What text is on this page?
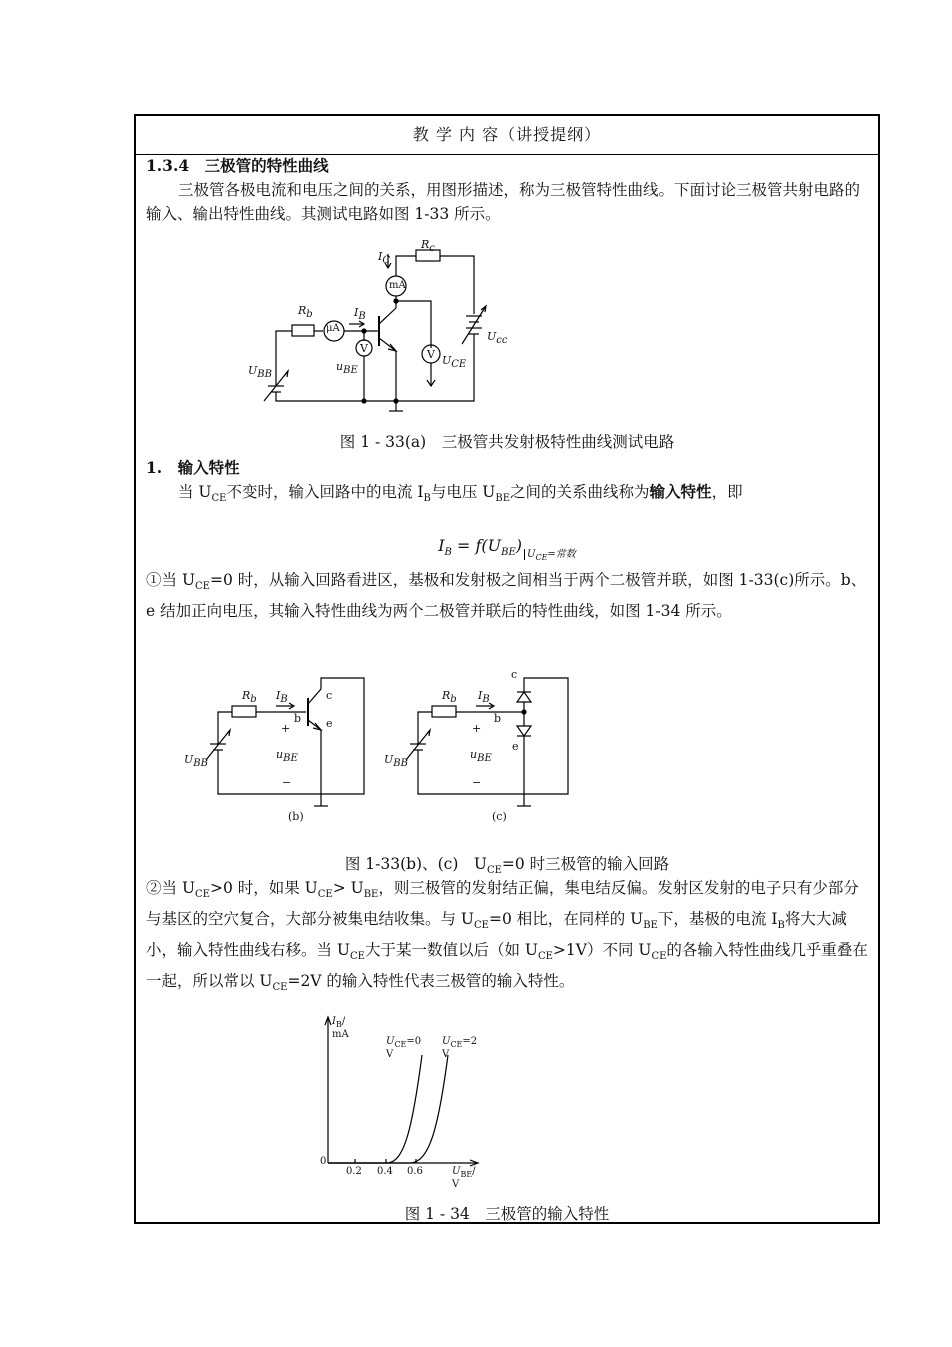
教 学 内 容（讲授提纲）
1.3.4　三极管的特性曲线
三极管各极电流和电压之间的关系，用图形描述，称为三极管特性曲线。下面讨论三极管共射电路的输入、输出特性曲线。其测试电路如图 1-33 所示。
$R_c$
$I_C$
mA
$R_b$	$I_B$
μA
$U_{cc}$
$U_{BB}$
$u_{BE}$
$U_{CE}$
V	V
图 1 - 33(a)　三极管共发射极特性曲线测试电路
1.　输入特性
当 $U_{CE}$不变时，输入回路中的电流 $I_B$与电压 $U_{BE}$之间的关系曲线称为输入特性，即
$I_B = f(U_{BE})$ $_{U_{CE}=常数}$
①当 $U_{CE}=0$ 时，从输入回路看进区，基极和发射极之间相当于两个二极管并联，如图 1-33(c)所示。b、e 结加正向电压，其输入特性曲线为两个二极管并联后的特性曲线，如图 1-34 所示。
$R_b$ $I_B$	c
b e
+
$u_{BE}$
−
$U_{BB}$
(b)
$R_b$ $I_B$
c
b
e
+
$u_{BE}$
−
$U_{BB}$
(c)
图 1-33(b)、(c)　$U_{CE}=0$ 时三极管的输入回路
②当 $U_{CE}>0$ 时，如果 $U_{CE}> U_{BE}$，则三极管的发射结正偏，集电结反偏。发射区发射的电子只有少部分与基区的空穴复合，大部分被集电结收集。与 $U_{CE}=0$ 相比，在同样的 $U_{BE}$下，基极的电流 $I_B$将大大减小，输入特性曲线右移。当 $U_{CE}$大于某一数值以后（如 $U_{CE}>1V$）不同 $U_{CE}$的各输入特性曲线几乎重叠在一起，所以常以 $U_{CE}=2V$ 的输入特性代表三极管的输入特性。
$I_B/$ mA
$U_{CE}=0$ V
$U_{CE}=2$ V
0
0.2 0.4 0.6	$U_{BE}/$ V
图 1 - 34　三极管的输入特性
